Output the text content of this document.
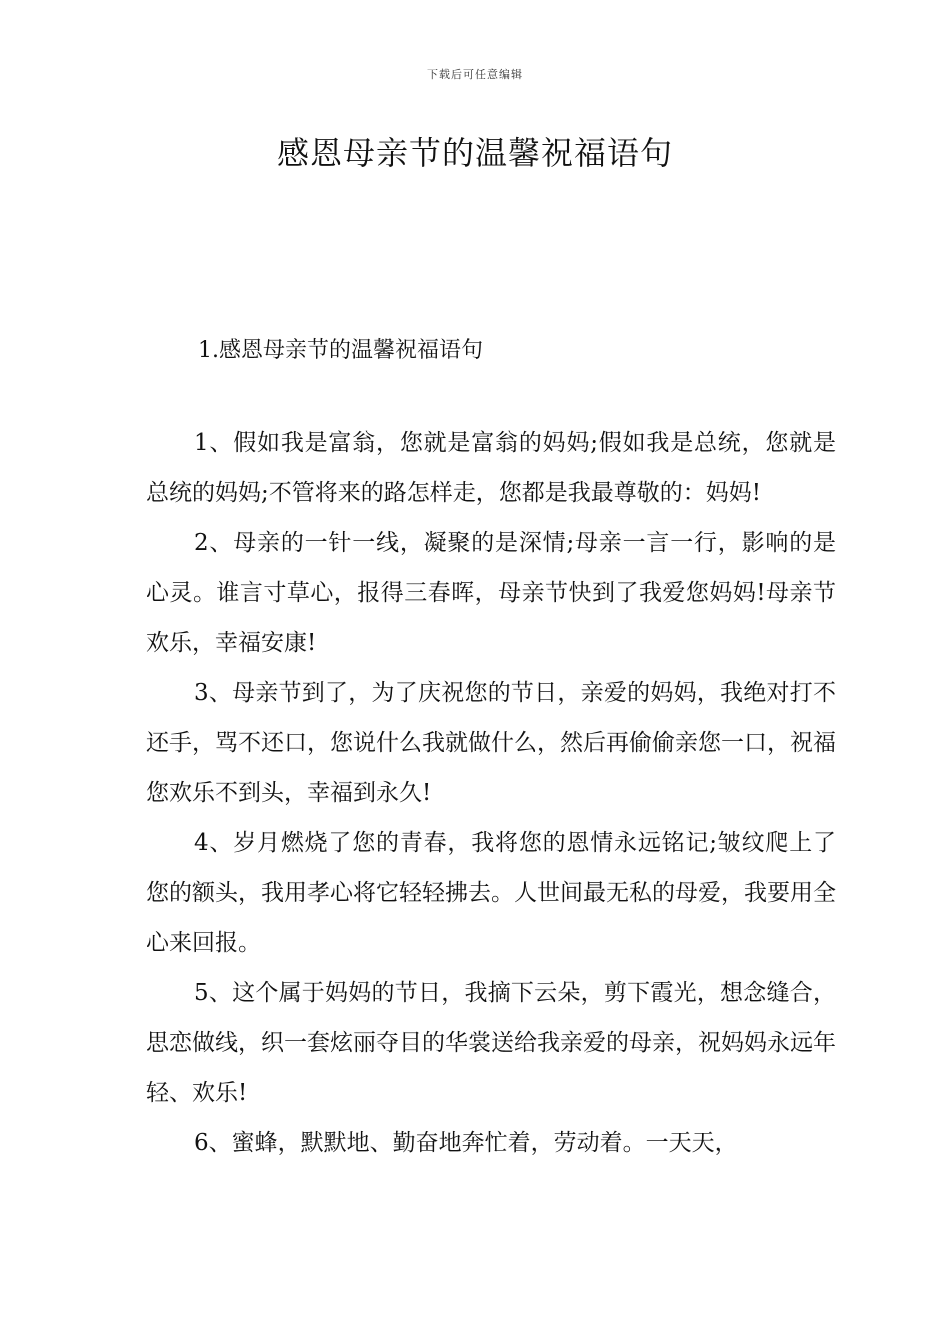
下载后可任意编辑
感恩母亲节的温馨祝福语句
1.感恩母亲节的温馨祝福语句

1、假如我是富翁，您就是富翁的妈妈;假如我是总统，您就是总统的妈妈;不管将来的路怎样走，您都是我最尊敬的：妈妈!

2、母亲的一针一线，凝聚的是深情;母亲一言一行，影响的是心灵。谁言寸草心，报得三春晖，母亲节快到了我爱您妈妈!母亲节欢乐，幸福安康!

3、母亲节到了，为了庆祝您的节日，亲爱的妈妈，我绝对打不还手，骂不还口，您说什么我就做什么，然后再偷偷亲您一口，祝福您欢乐不到头，幸福到永久!

4、岁月燃烧了您的青春，我将您的恩情永远铭记;皱纹爬上了您的额头，我用孝心将它轻轻拂去。人世间最无私的母爱，我要用全心来回报。

5、这个属于妈妈的节日，我摘下云朵，剪下霞光，想念缝合，思恋做线，织一套炫丽夺目的华裳送给我亲爱的母亲，祝妈妈永远年轻、欢乐!

6、蜜蜂，默默地、勤奋地奔忙着，劳动着。一天天，
